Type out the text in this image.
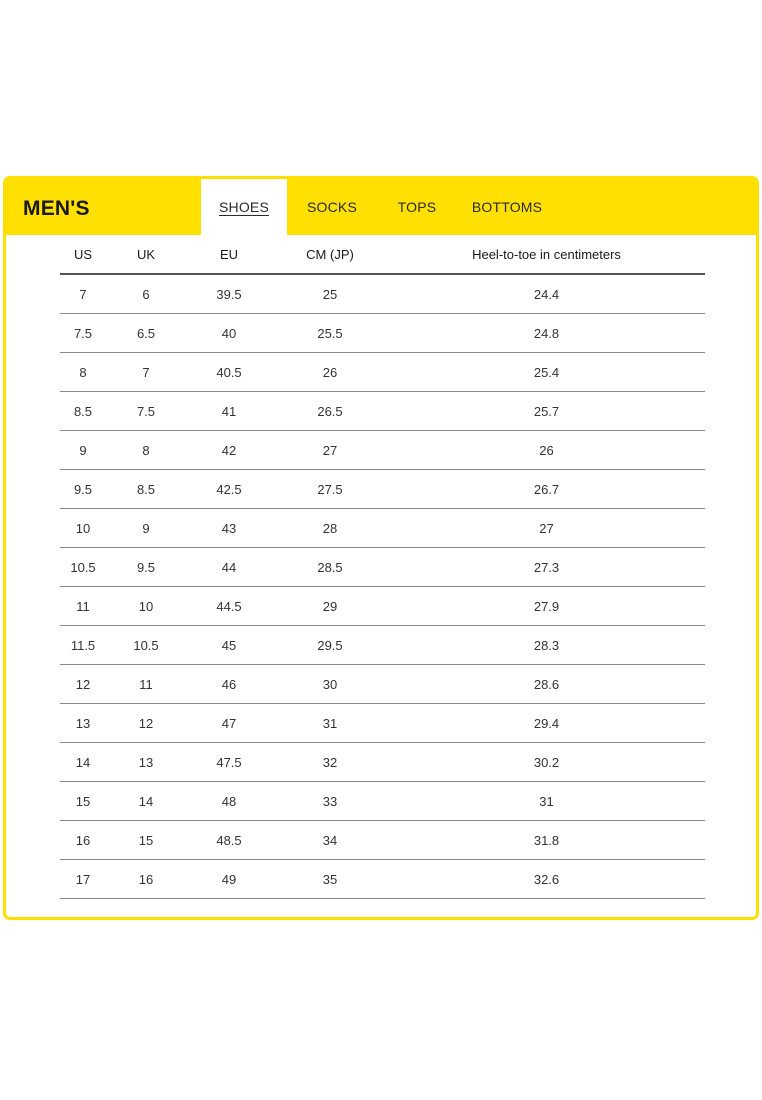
MEN'S	SHOES	SOCKS	TOPS	BOTTOMS
US	UK	EU	CM (JP)	Heel-to-toe in centimeters
7	6	39.5	25	24.4
7.5	6.5	40	25.5	24.8
8	7	40.5	26	25.4
8.5	7.5	41	26.5	25.7
9	8	42	27	26
9.5	8.5	42.5	27.5	26.7
10	9	43	28	27
10.5	9.5	44	28.5	27.3
11	10	44.5	29	27.9
11.5	10.5	45	29.5	28.3
12	11	46	30	28.6
13	12	47	31	29.4
14	13	47.5	32	30.2
15	14	48	33	31
16	15	48.5	34	31.8
17	16	49	35	32.6
